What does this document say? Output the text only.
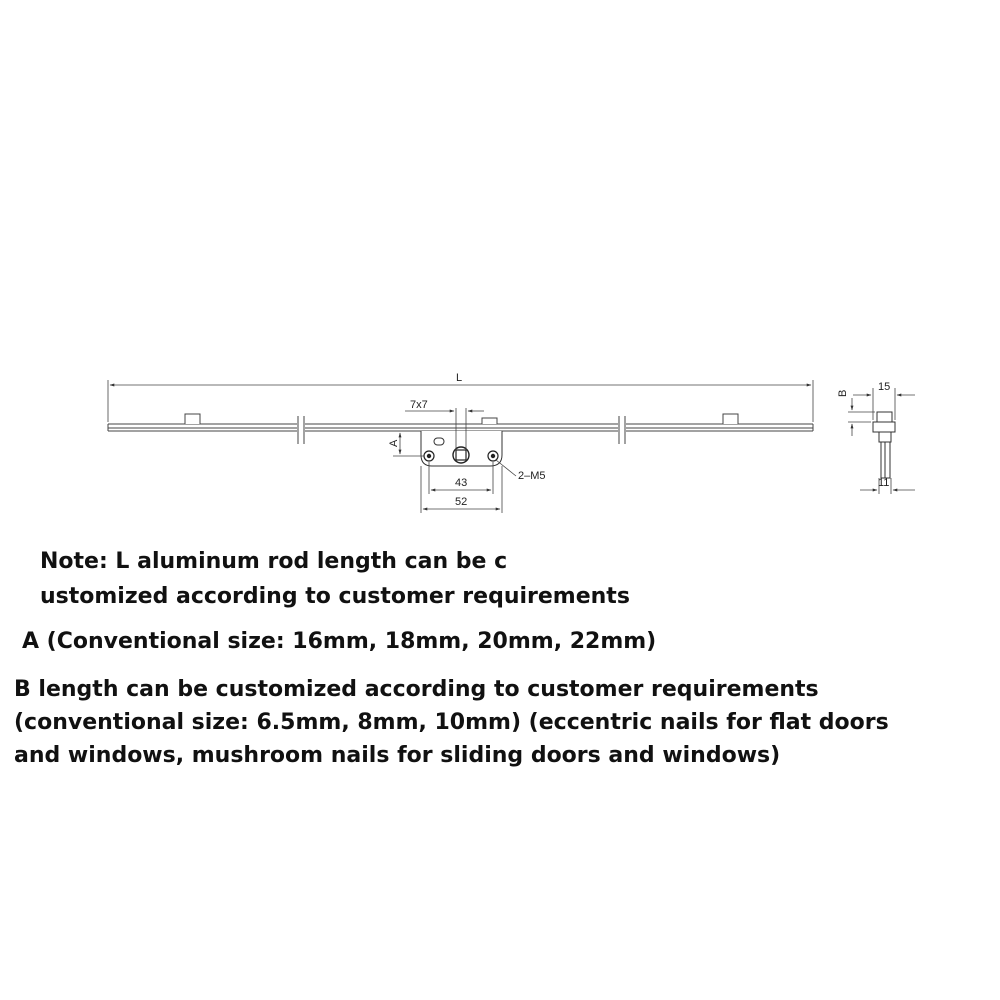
L
7x7
A
2–M5
43
52
15
B
11

Note: L aluminum rod length can be c

ustomized according to customer requirements

A (Conventional size: 16mm, 18mm, 20mm, 22mm)

B length can be customized according to customer requirements

(conventional size: 6.5mm, 8mm, 10mm) (eccentric nails for flat doors

and windows, mushroom nails for sliding doors and windows)
